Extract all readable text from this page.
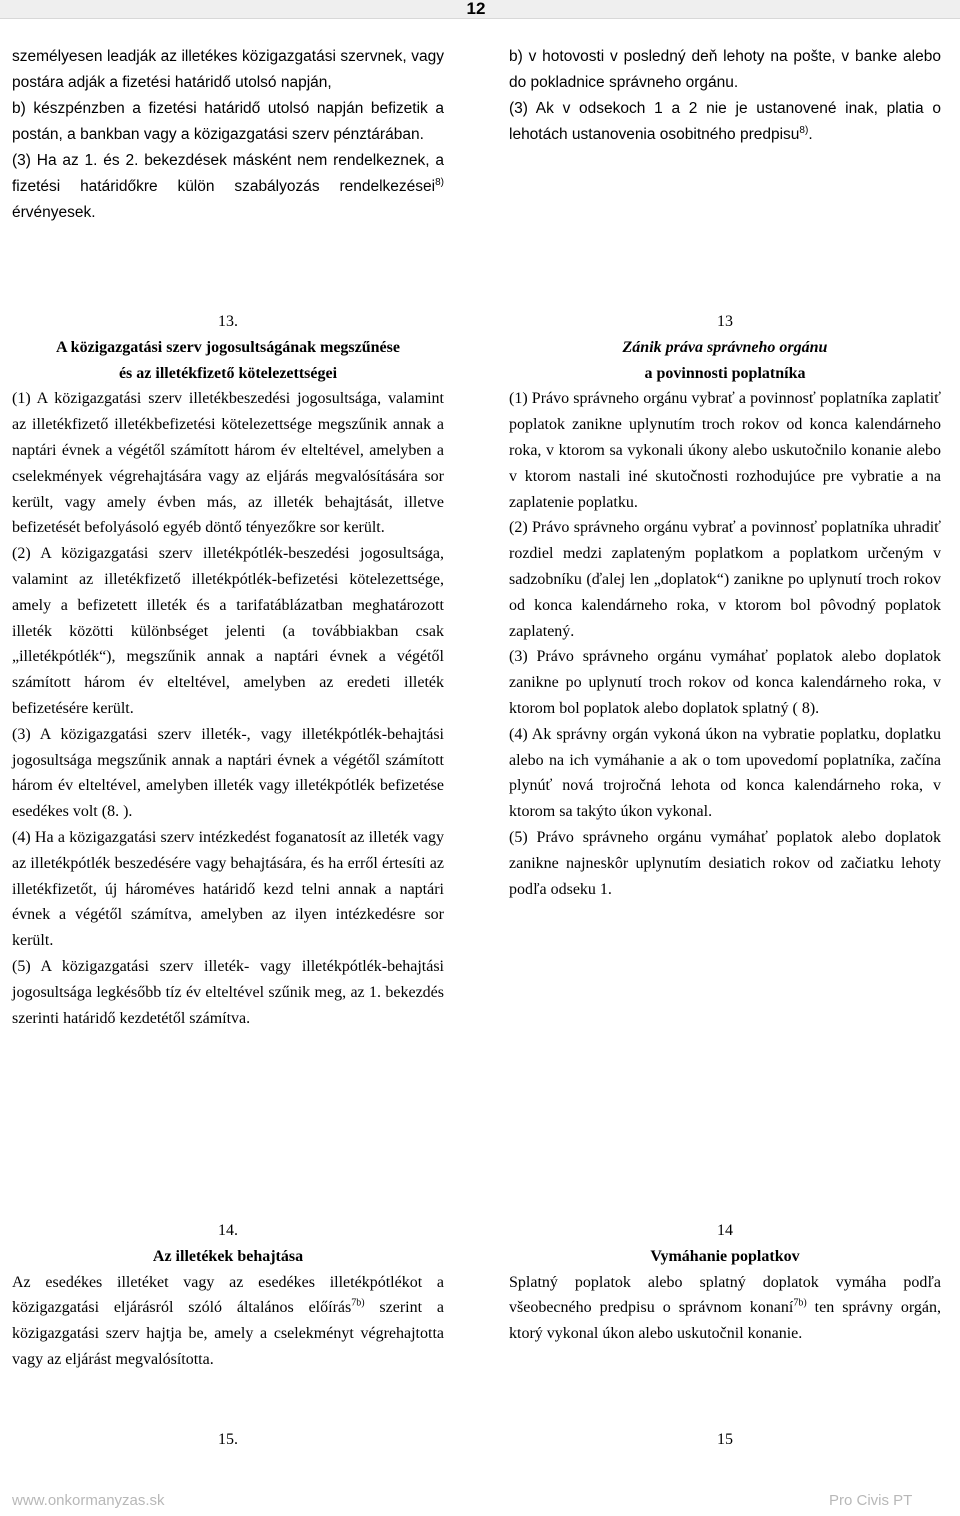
12

személyesen leadják az illetékes közigazgatási szervnek, vagy postára adják a fizetési határidő utolsó napján,

b) készpénzben a fizetési határidő utolsó napján befizetik a postán, a bankban vagy a közigazgatási szerv pénztárában.

(3) Ha az 1. és 2. bekezdések másként nem rendelkeznek, a fizetési határidőkre külön szabályozás rendelkezései$^{8)}$ érvényesek.

13.

A közigazgatási szerv jogosultságának megszűnése

és az illetékfizető kötelezettségei

(1) A közigazgatási szerv illetékbeszedési jogosultsága, valamint az illetékfizető illetékbefizetési kötelezettsége megszűnik annak a naptári évnek a végétől számított három év elteltével, amelyben a cselekmények végrehajtására vagy az eljárás megvalósítására sor került, vagy amely évben más, az illeték behajtását, illetve befizetését befolyásoló egyéb döntő tényezőkre sor került.

(2) A közigazgatási szerv illetékpótlék-beszedési jogosultsága, valamint az illetékfizető illetékpótlék-befizetési kötelezettsége, amely a befizetett illeték és a tarifatáblázatban meghatározott illeték közötti különbséget jelenti (a továbbiakban csak „illetékpótlék“), megszűnik annak a naptári évnek a végétől számított három év elteltével, amelyben az eredeti illeték befizetésére került.

(3) A közigazgatási szerv illeték-, vagy illetékpótlék-behajtási jogosultsága megszűnik annak a naptári évnek a végétől számított három év elteltével, amelyben illeték vagy illetékpótlék befizetése esedékes volt (8. ).

(4) Ha a közigazgatási szerv intézkedést foganatosít az illeték vagy az illetékpótlék beszedésére vagy behajtására, és ha erről értesíti az illetékfizetőt, új hároméves határidő kezd telni annak a naptári évnek a végétől számítva, amelyben az ilyen intézkedésre sor került.

(5) A közigazgatási szerv illeték- vagy illetékpótlék-behajtási jogosultsága legkésőbb tíz év elteltével szűnik meg, az 1. bekezdés szerinti határidő kezdetétől számítva.

14.

Az illetékek behajtása

Az esedékes illetéket vagy az esedékes illetékpótlékot a közigazgatási eljárásról szóló általános előírás$^{7b)}$ szerint a közigazgatási szerv hajtja be, amely a cselekményt végrehajtotta vagy az eljárást megvalósította.

15.

b) v hotovosti v posledný deň lehoty na pošte, v banke alebo do pokladnice správneho orgánu.

(3) Ak v odsekoch 1 a 2 nie je ustanovené inak, platia o lehotách ustanovenia osobitného predpisu$^{8)}$.

13

Zánik práva správneho orgánu

a povinnosti poplatníka

(1) Právo správneho orgánu vybrať a povinnosť poplatníka zaplatiť poplatok zanikne uplynutím troch rokov od konca kalendárneho roka, v ktorom sa vykonali úkony alebo uskutočnilo konanie alebo v ktorom nastali iné skutočnosti rozhodujúce pre vybratie a na zaplatenie poplatku.

(2) Právo správneho orgánu vybrať a povinnosť poplatníka uhradiť rozdiel medzi zaplateným poplatkom a poplatkom určeným v sadzobníku (ďalej len „doplatok“) zanikne po uplynutí troch rokov od konca kalendárneho roka, v ktorom bol pôvodný poplatok zaplatený.

(3) Právo správneho orgánu vymáhať poplatok alebo doplatok zanikne po uplynutí troch rokov od konca kalendárneho roka, v ktorom bol poplatok alebo doplatok splatný ( 8).

(4) Ak správny orgán vykoná úkon na vybratie poplatku, doplatku alebo na ich vymáhanie a ak o tom upovedomí poplatníka, začína plynúť nová trojročná lehota od konca kalendárneho roka, v ktorom sa takýto úkon vykonal.

(5) Právo správneho orgánu vymáhať poplatok alebo doplatok zanikne najneskôr uplynutím desiatich rokov od začiatku lehoty podľa odseku 1.

14

Vymáhanie poplatkov

Splatný poplatok alebo splatný doplatok vymáha podľa všeobecného predpisu o správnom konaní$^{7b)}$ ten správny orgán, ktorý vykonal úkon alebo uskutočnil konanie.

15

www.onkormanyzas.sk	Pro Civis PT
